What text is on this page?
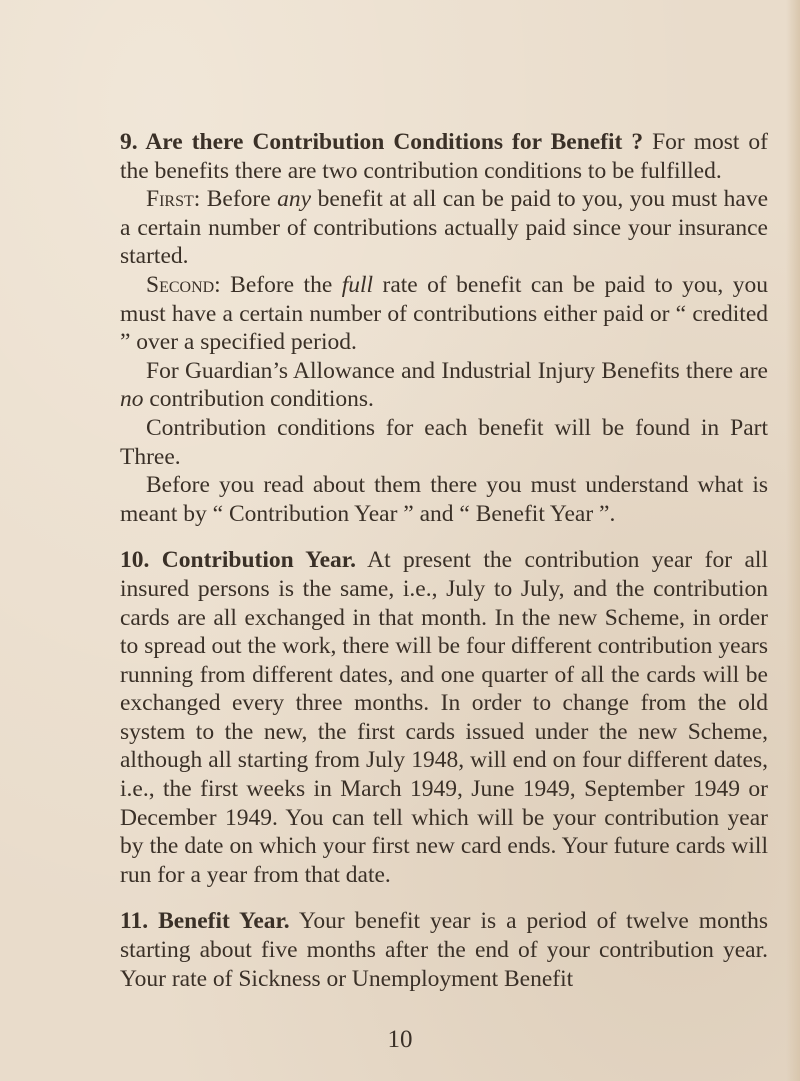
9. Are there Contribution Conditions for Benefit ? For most of the benefits there are two contribution conditions to be fulfilled.

First: Before any benefit at all can be paid to you, you must have a certain number of contributions actually paid since your insurance started.

Second: Before the full rate of benefit can be paid to you, you must have a certain number of contributions either paid or “ credited ” over a specified period.

For Guardian’s Allowance and Industrial Injury Benefits there are no contribution conditions.

Contribution conditions for each benefit will be found in Part Three.

Before you read about them there you must understand what is meant by “ Contribution Year ” and “ Benefit Year ”.

10. Contribution Year. At present the contribution year for all insured persons is the same, i.e., July to July, and the contribution cards are all exchanged in that month. In the new Scheme, in order to spread out the work, there will be four different contribution years running from different dates, and one quarter of all the cards will be exchanged every three months. In order to change from the old system to the new, the first cards issued under the new Scheme, although all starting from July 1948, will end on four different dates, i.e., the first weeks in March 1949, June 1949, September 1949 or December 1949. You can tell which will be your contribution year by the date on which your first new card ends. Your future cards will run for a year from that date.

11. Benefit Year. Your benefit year is a period of twelve months starting about five months after the end of your contribution year. Your rate of Sickness or Unemployment Benefit

10
